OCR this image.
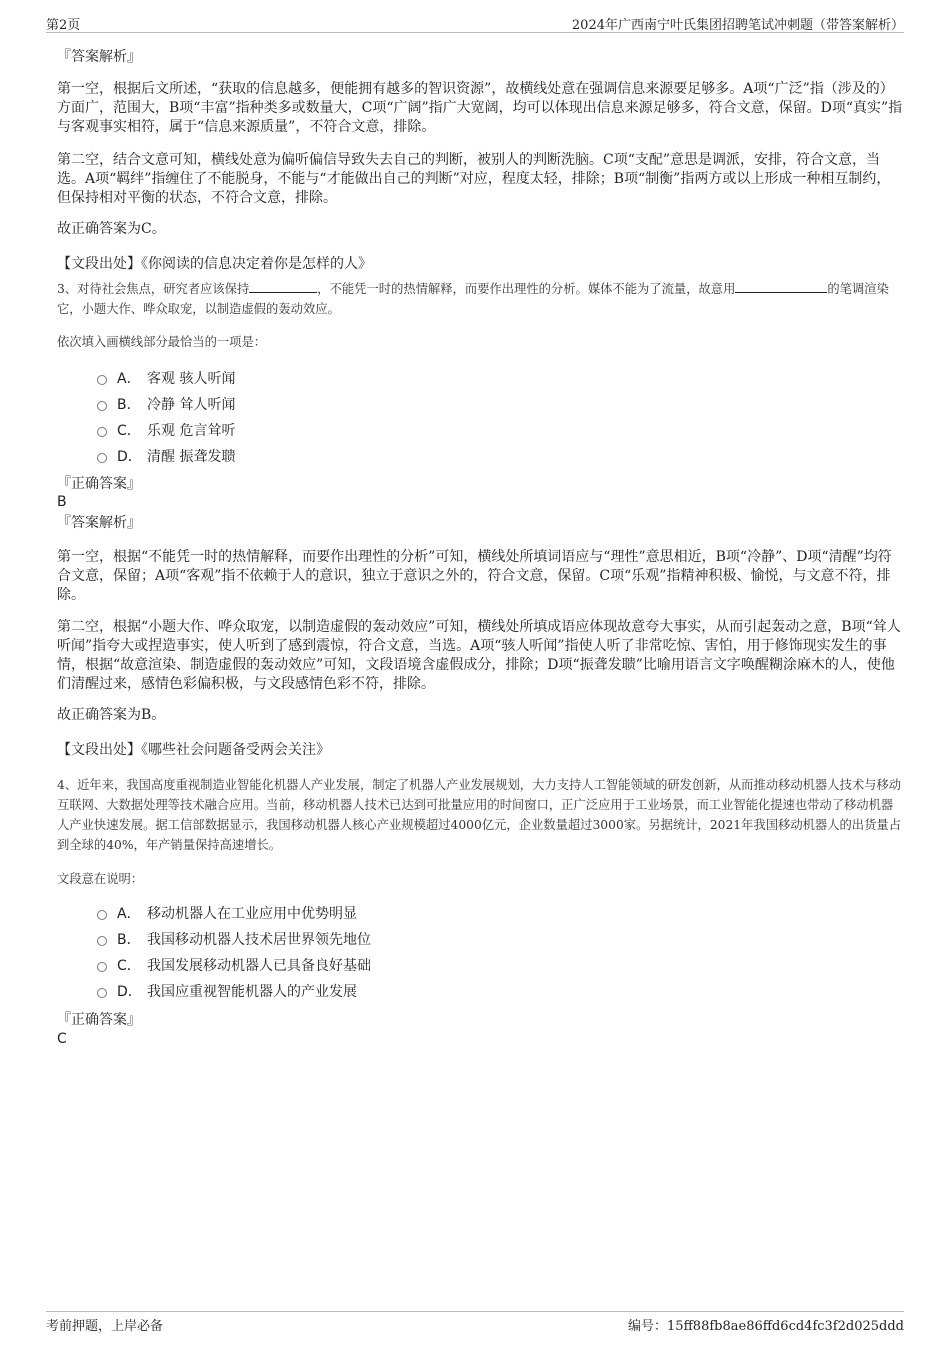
第2页	2024年广西南宁叶氏集团招聘笔试冲刺题（带答案解析）
『答案解析』
第一空，根据后文所述，“获取的信息越多，便能拥有越多的智识资源”，故横线处意在强调信息来源要足够多。A项“广泛”指（涉及的）方面广，范围大，B项“丰富”指种类多或数量大，C项“广阔”指广大宽阔，均可以体现出信息来源足够多，符合文意，保留。D项“真实”指与客观事实相符，属于“信息来源质量”，不符合文意，排除。
第二空，结合文意可知，横线处意为偏听偏信导致失去自己的判断，被别人的判断洗脑。C项“支配”意思是调派，安排，符合文意，当选。A项“羁绊”指缠住了不能脱身，不能与“才能做出自己的判断”对应，程度太轻，排除；B项“制衡”指两方或以上形成一种相互制约，但保持相对平衡的状态，不符合文意，排除。
故正确答案为C。
【文段出处】《你阅读的信息决定着你是怎样的人》
3、对待社会焦点，研究者应该保持	，不能凭一时的热情解释，而要作出理性的分析。媒体不能为了流量，故意用	的笔调渲染它，小题大作、哗众取宠，以制造虚假的轰动效应。
依次填入画横线部分最恰当的一项是：
A． 客观 骇人听闻
B． 冷静 耸人听闻
C． 乐观 危言耸听
D． 清醒 振聋发聩
『正确答案』
B
『答案解析』
第一空，根据“不能凭一时的热情解释，而要作出理性的分析”可知，横线处所填词语应与“理性”意思相近，B项“冷静”、D项“清醒”均符合文意，保留；A项“客观”指不依赖于人的意识，独立于意识之外的，符合文意，保留。C项“乐观”指精神积极、愉悦，与文意不符，排除。
第二空，根据“小题大作、哗众取宠，以制造虚假的轰动效应”可知，横线处所填成语应体现故意夸大事实，从而引起轰动之意，B项“耸人听闻”指夸大或捏造事实，使人听到了感到震惊，符合文意，当选。A项“骇人听闻”指使人听了非常吃惊、害怕，用于修饰现实发生的事情，根据“故意渲染、制造虚假的轰动效应”可知，文段语境含虚假成分，排除；D项“振聋发聩”比喻用语言文字唤醒糊涂麻木的人，使他们清醒过来，感情色彩偏积极，与文段感情色彩不符，排除。
故正确答案为B。
【文段出处】《哪些社会问题备受两会关注》
4、近年来，我国高度重视制造业智能化机器人产业发展，制定了机器人产业发展规划，大力支持人工智能领域的研发创新，从而推动移动机器人技术与移动互联网、大数据处理等技术融合应用。当前，移动机器人技术已达到可批量应用的时间窗口，正广泛应用于工业场景，而工业智能化提速也带动了移动机器人产业快速发展。据工信部数据显示，我国移动机器人核心产业规模超过4000亿元，企业数量超过3000家。另据统计，2021年我国移动机器人的出货量占到全球的40%，年产销量保持高速增长。
文段意在说明：
A． 移动机器人在工业应用中优势明显
B． 我国移动机器人技术居世界领先地位
C． 我国发展移动机器人已具备良好基础
D． 我国应重视智能机器人的产业发展
『正确答案』
C
考前押题，上岸必备	编号：15ff88fb8ae86ffd6cd4fc3f2d025ddd
